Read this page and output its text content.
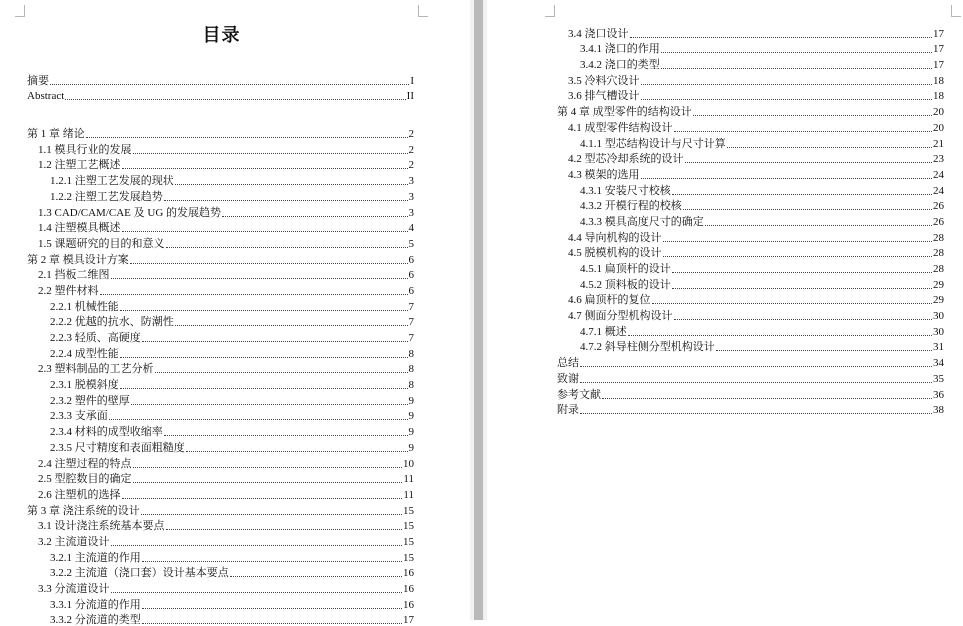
目录
摘要	I
Abstract	II
第 1 章 绪论	2
1.1 模具行业的发展	2
1.2 注塑工艺概述	2
1.2.1 注塑工艺发展的现状	3
1.2.2 注塑工艺发展趋势	3
1.3 CAD/CAM/CAE 及 UG 的发展趋势	3
1.4 注塑模具概述	4
1.5 课题研究的目的和意义	5
第 2 章 模具设计方案	6
2.1 挡板二维图	6
2.2 塑件材料	6
2.2.1 机械性能	7
2.2.2 优越的抗水、防潮性	7
2.2.3 轻质、高硬度	7
2.2.4 成型性能	8
2.3 塑料制品的工艺分析	8
2.3.1 脱模斜度	8
2.3.2 塑件的壁厚	9
2.3.3 支承面	9
2.3.4 材料的成型收缩率	9
2.3.5 尺寸精度和表面粗糙度	9
2.4 注塑过程的特点	10
2.5 型腔数目的确定	11
2.6 注塑机的选择	11
第 3 章 浇注系统的设计	15
3.1 设计浇注系统基本要点	15
3.2 主流道设计	15
3.2.1 主流道的作用	15
3.2.2 主流道（浇口套）设计基本要点	16
3.3 分流道设计	16
3.3.1 分流道的作用	16
3.3.2 分流道的类型	17
3.4 浇口设计	17
3.4.1 浇口的作用	17
3.4.2 浇口的类型	17
3.5 冷料穴设计	18
3.6 排气槽设计	18
第 4 章 成型零件的结构设计	20
4.1 成型零件结构设计	20
4.1.1 型芯结构设计与尺寸计算	21
4.2 型芯冷却系统的设计	23
4.3 模架的选用	24
4.3.1 安装尺寸校核	24
4.3.2 开模行程的校核	26
4.3.3 模具高度尺寸的确定	26
4.4 导向机构的设计	28
4.5 脱模机构的设计	28
4.5.1 扁顶杆的设计	28
4.5.2 顶料板的设计	29
4.6 扁顶杆的复位	29
4.7 侧面分型机构设计	30
4.7.1 概述	30
4.7.2 斜导柱侧分型机构设计	31
总结	34
致谢	35
参考文献	36
附录	38
